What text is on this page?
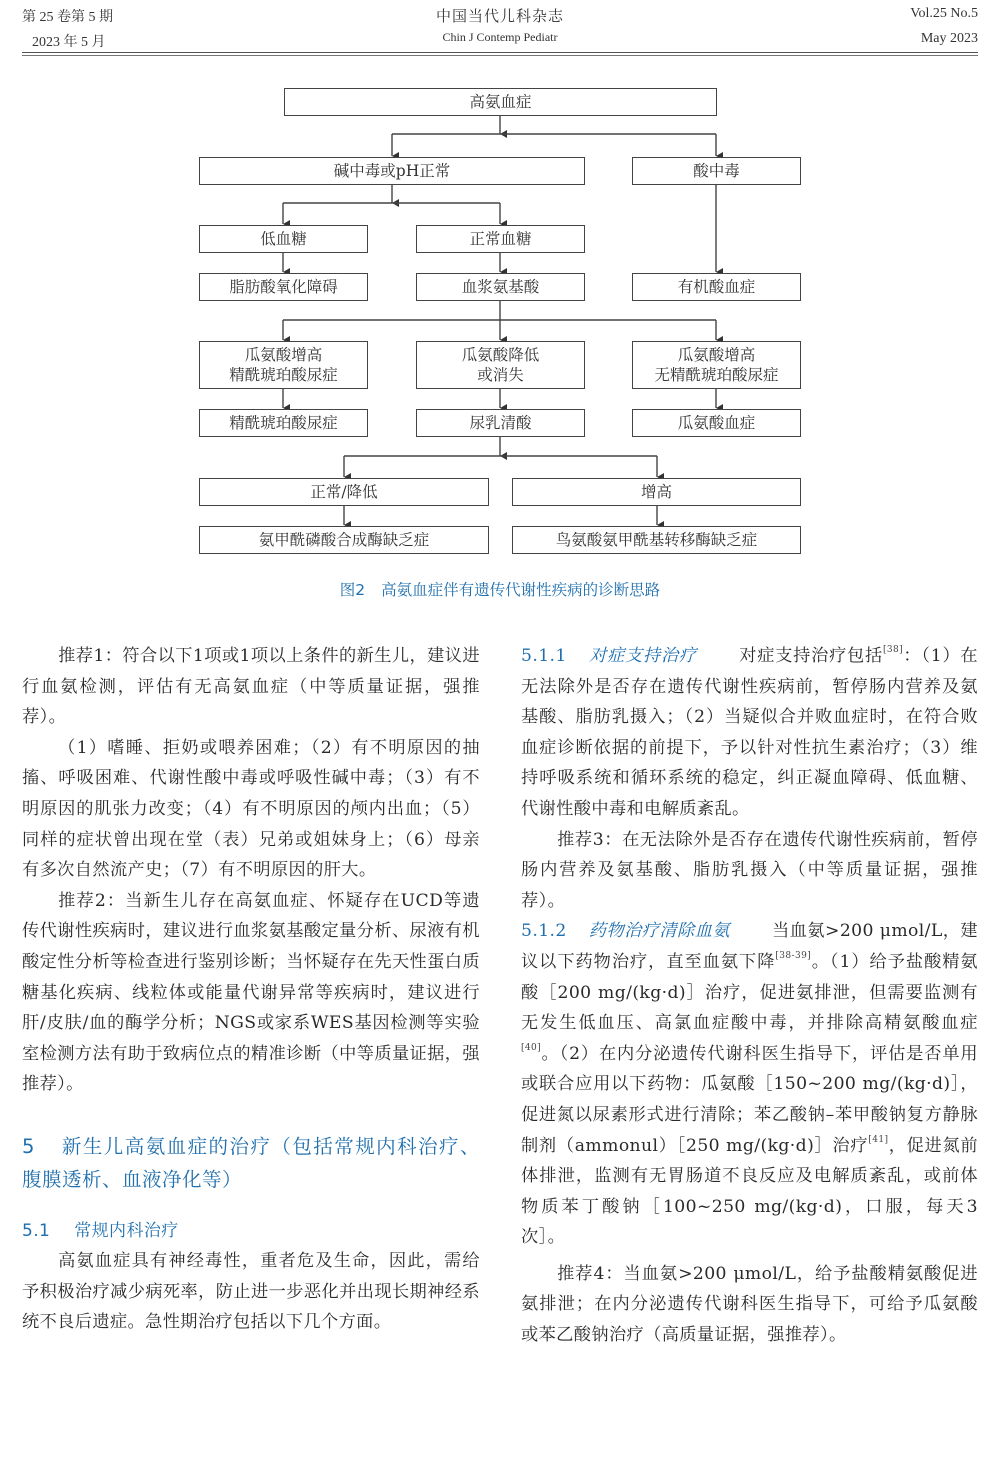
第 25 卷第 5 期
2023 年 5 月
中国当代儿科杂志
Chin J Contemp Pediatr
Vol.25 No.5
May 2023
高氨血症
碱中毒或pH正常	酸中毒
低血糖	正常血糖
脂肪酸氧化障碍	血浆氨基酸	有机酸血症
瓜氨酸增高
精酰琥珀酸尿症
瓜氨酸降低
或消失
瓜氨酸增高
无精酰琥珀酸尿症
精酰琥珀酸尿症	尿乳清酸	瓜氨酸血症
正常/降低	增高
氨甲酰磷酸合成酶缺乏症	鸟氨酸氨甲酰基转移酶缺乏症
图2 高氨血症伴有遗传代谢性疾病的诊断思路

推荐1：符合以下1项或1项以上条件的新生儿，建议进行血氨检测，评估有无高氨血症（中等质量证据，强推荐）。

（1）嗜睡、拒奶或喂养困难；（2）有不明原因的抽搐、呼吸困难、代谢性酸中毒或呼吸性碱中毒；（3）有不明原因的肌张力改变；（4）有不明原因的颅内出血；（5）同样的症状曾出现在堂（表）兄弟或姐妹身上；（6）母亲有多次自然流产史；（7）有不明原因的肝大。

推荐2：当新生儿存在高氨血症、怀疑存在UCD等遗传代谢性疾病时，建议进行血浆氨基酸定量分析、尿液有机酸定性分析等检查进行鉴别诊断；当怀疑存在先天性蛋白质糖基化疾病、线粒体或能量代谢异常等疾病时，建议进行肝/皮肤/血的酶学分析；NGS或家系WES基因检测等实验室检测方法有助于致病位点的精准诊断（中等质量证据，强推荐）。

5 新生儿高氨血症的治疗（包括常规内科治疗、腹膜透析、血液净化等）

5.1 常规内科治疗

高氨血症具有神经毒性，重者危及生命，因此，需给予积极治疗减少病死率，防止进一步恶化并出现长期神经系统不良后遗症。急性期治疗包括以下几个方面。

5.1.1 对症支持治疗 对症支持治疗包括[38]：（1）在无法除外是否存在遗传代谢性疾病前，暂停肠内营养及氨基酸、脂肪乳摄入；（2）当疑似合并败血症时，在符合败血症诊断依据的前提下，予以针对性抗生素治疗；（3）维持呼吸系统和循环系统的稳定，纠正凝血障碍、低血糖、代谢性酸中毒和电解质紊乱。

推荐3：在无法除外是否存在遗传代谢性疾病前，暂停肠内营养及氨基酸、脂肪乳摄入（中等质量证据，强推荐）。

5.1.2 药物治疗清除血氨 当血氨>200 μmol/L，建议以下药物治疗，直至血氨下降[38-39]。（1）给予盐酸精氨酸［200 mg/(kg·d)］治疗，促进氨排泄，但需要监测有无发生低血压、高氯血症酸中毒，并排除高精氨酸血症[40]。（2）在内分泌遗传代谢科医生指导下，评估是否单用或联合应用以下药物：瓜氨酸［150~200 mg/(kg·d)］，促进氮以尿素形式进行清除；苯乙酸钠–苯甲酸钠复方静脉制剂（ammonul）［250 mg/(kg·d)］治疗[41]，促进氮前体排泄，监测有无胃肠道不良反应及电解质紊乱，或前体物质苯丁酸钠［100~250 mg/(kg·d)，口服，每天3次］。

推荐4：当血氨>200 μmol/L，给予盐酸精氨酸促进氨排泄；在内分泌遗传代谢科医生指导下，可给予瓜氨酸或苯乙酸钠治疗（高质量证据，强推荐）。
